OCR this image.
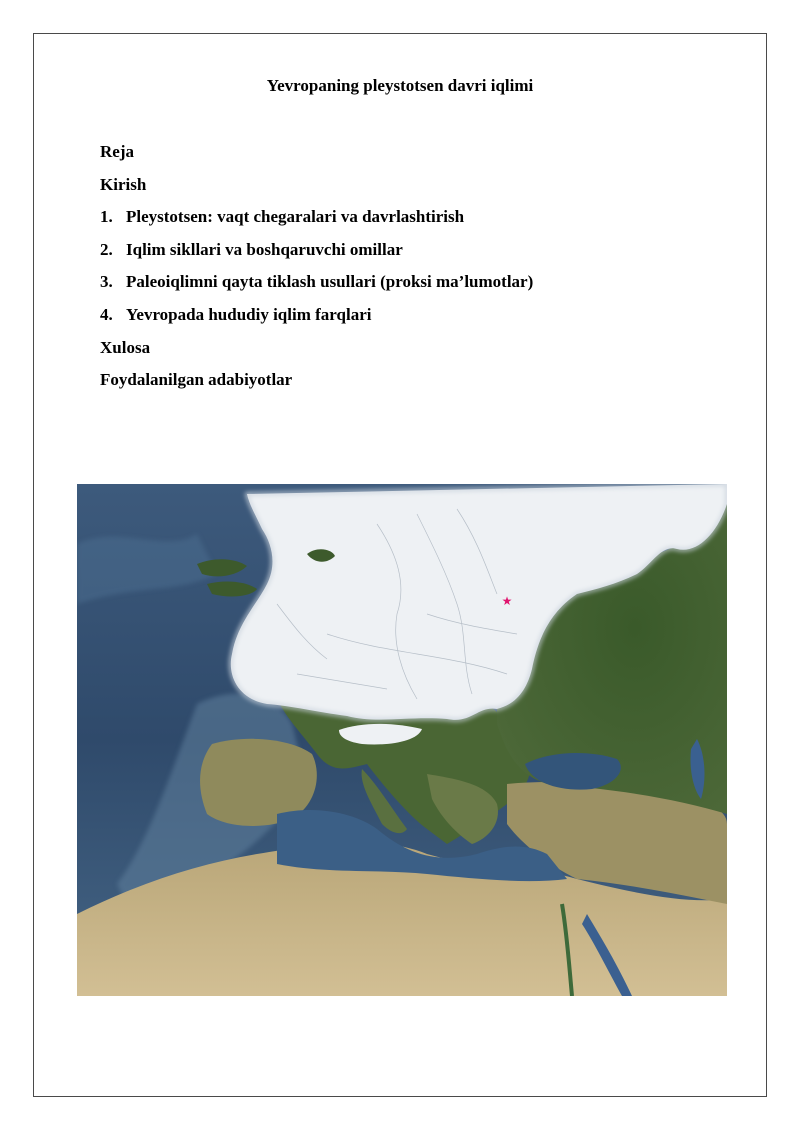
Yevropaning pleystotsen davri iqlimi
Reja
Kirish
1. Pleystotsen: vaqt chegaralari va davrlashtirish
2. Iqlim sikllari va boshqaruvchi omillar
3. Paleoiqlimni qayta tiklash usullari (proksi ma’lumotlar)
4. Yevropada hududiy iqlim farqlari
Xulosa
Foydalanilgan adabiyotlar
★
